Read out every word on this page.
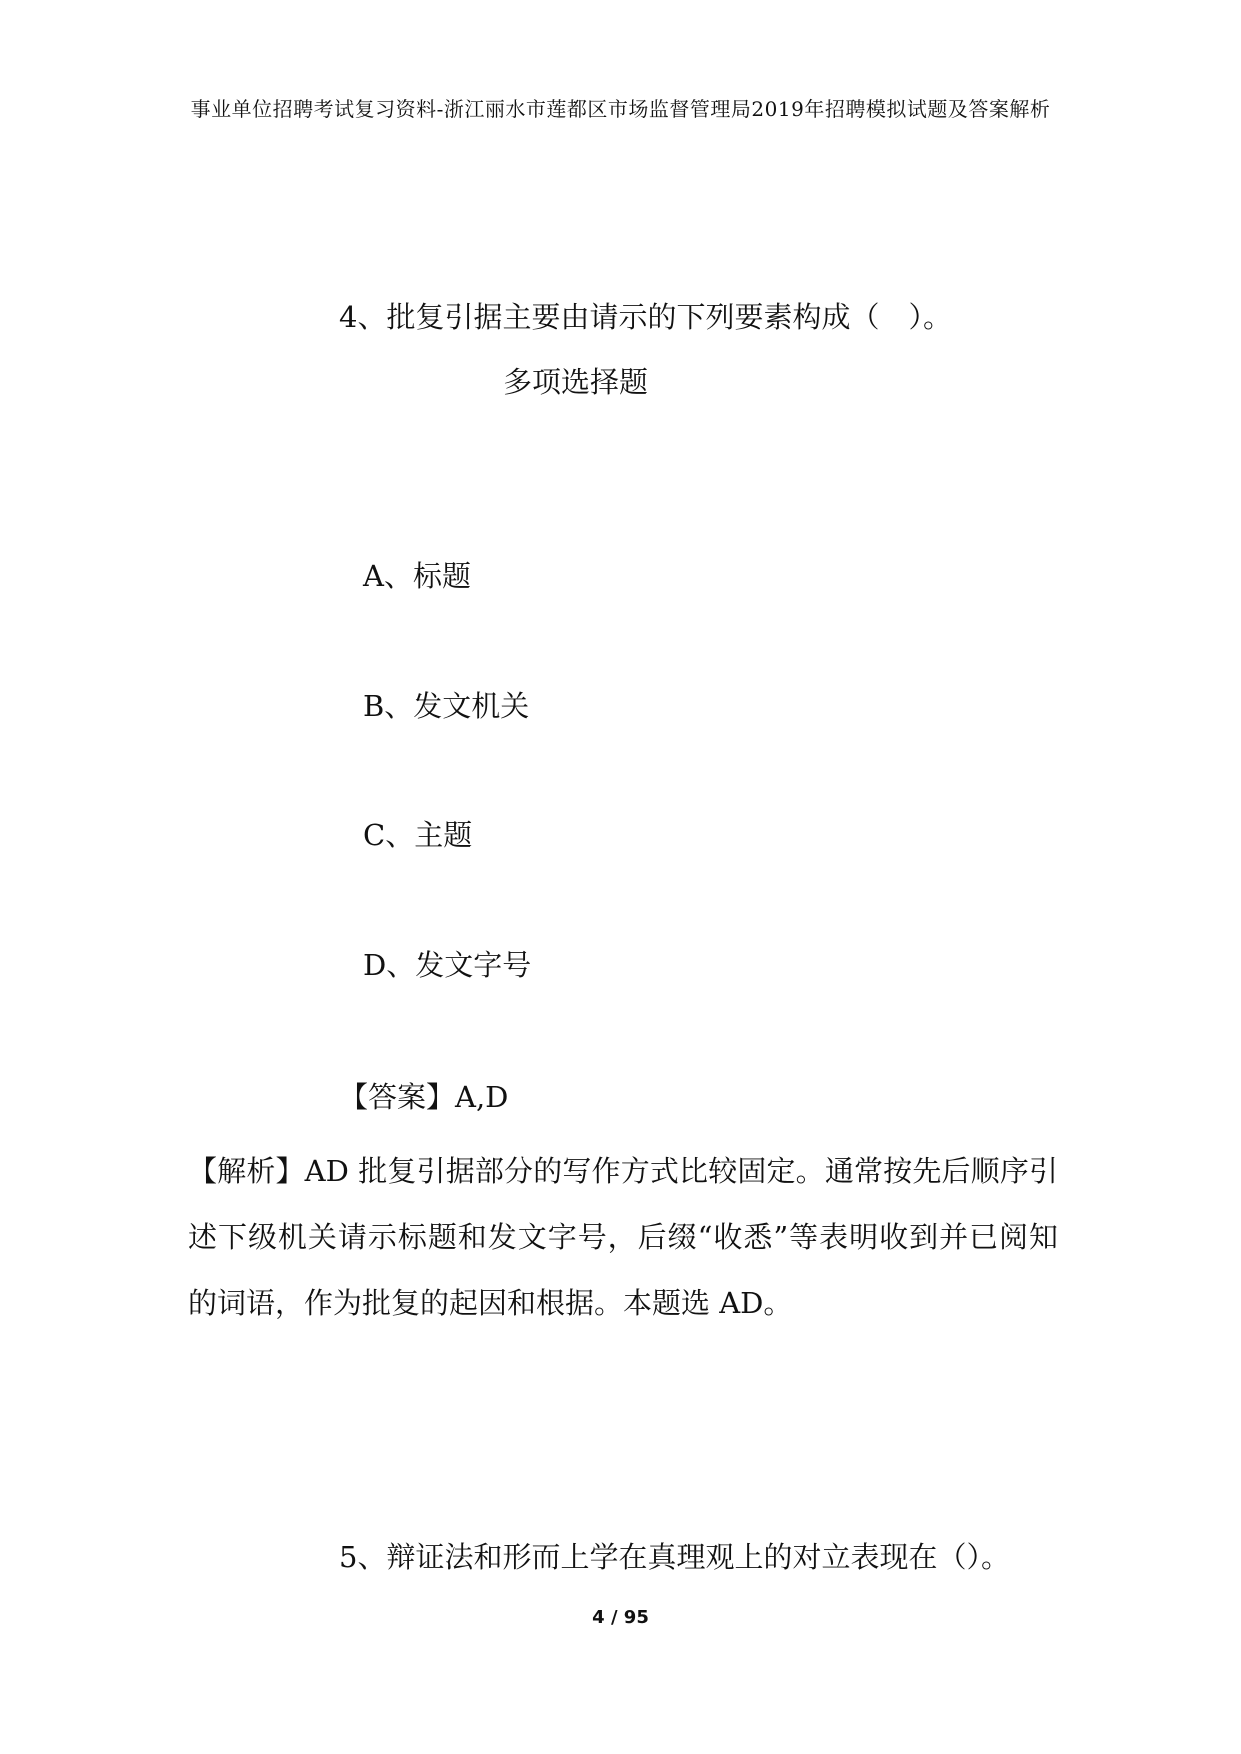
事业单位招聘考试复习资料-浙江丽水市莲都区市场监督管理局2019年招聘模拟试题及答案解析

4、批复引据主要由请示的下列要素构成（　）。

多项选择题

A、标题

B、发文机关

C、主题

D、发文字号

【答案】A,D

【解析】AD 批复引据部分的写作方式比较固定。通常按先后顺序引述下级机关请示标题和发文字号，后缀“收悉”等表明收到并已阅知的词语，作为批复的起因和根据。本题选 AD。

5、辩证法和形而上学在真理观上的对立表现在（）。

4 / 95
